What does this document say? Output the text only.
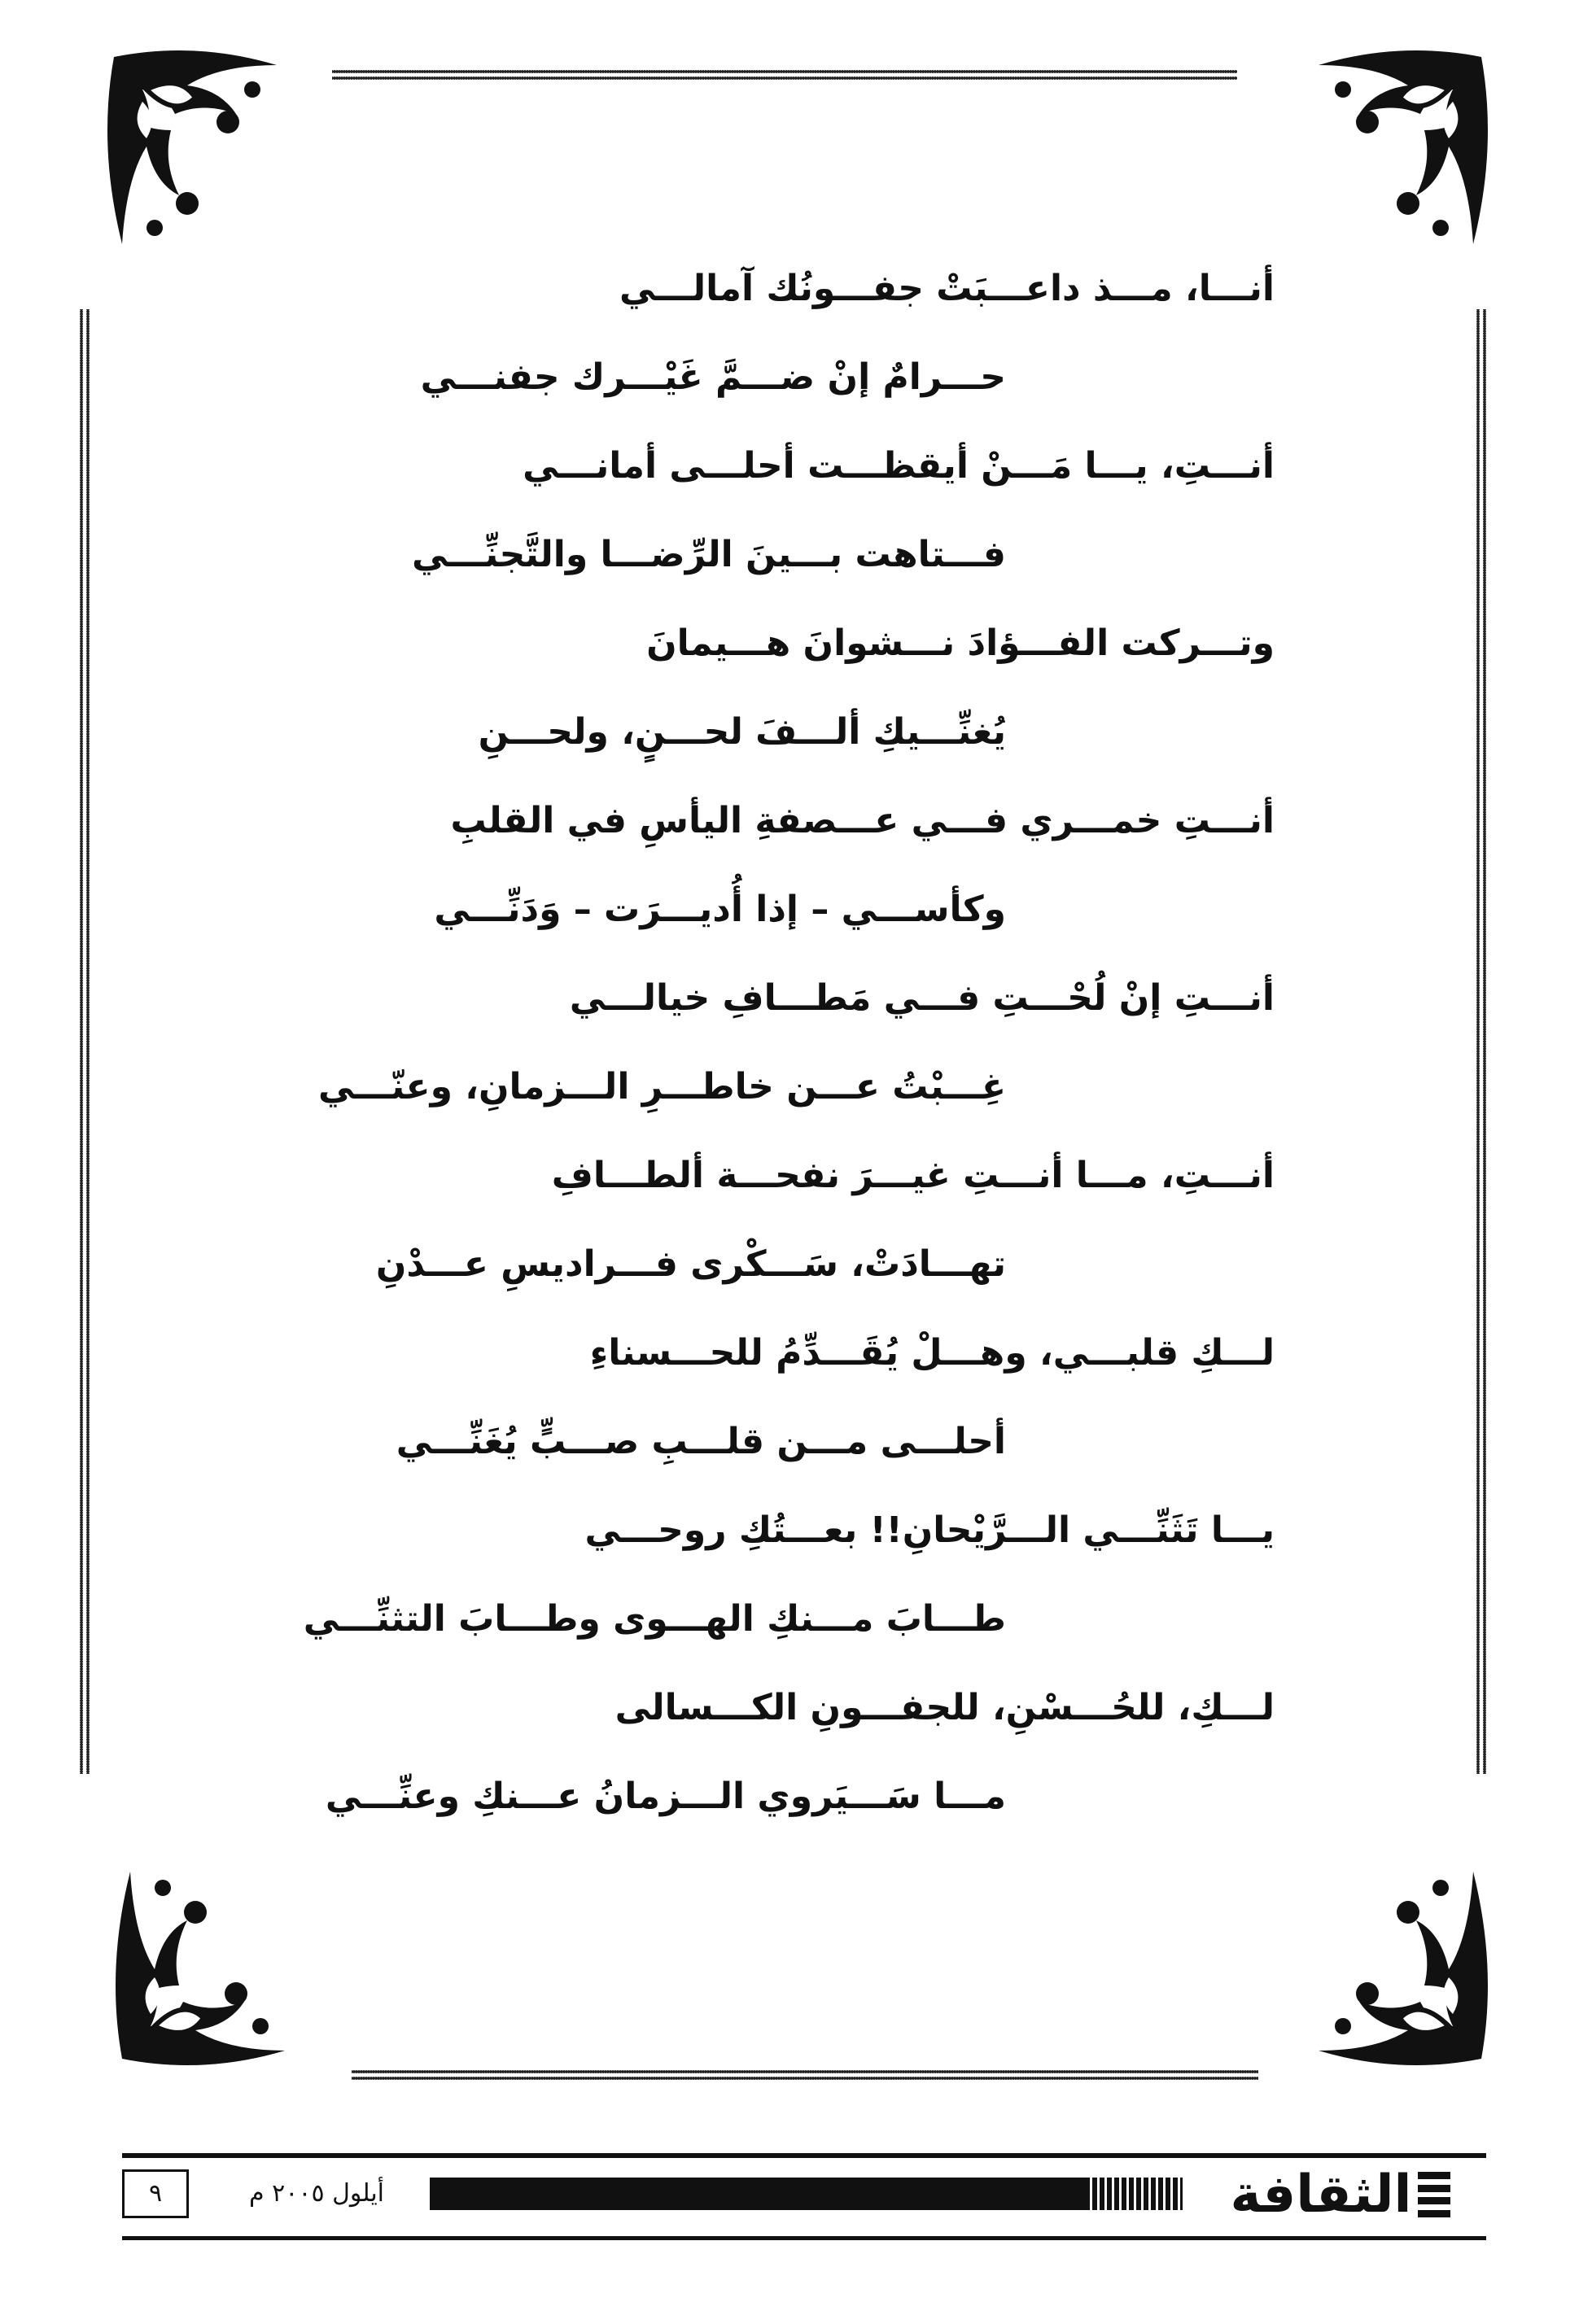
أنـــا، مـــذ داعـــبَتْ جفـــونُك آمالـــي
حـــرامٌ إنْ ضـــمَّ غَيْـــرك جفنـــي
أنـــتِ، يـــا مَـــنْ أيقظـــت أحلـــى أمانـــي
فـــتاهت بـــينَ الرِّضـــا والتَّجنِّـــي
وتـــركت الفـــؤادَ نـــشوانَ هـــيمانَ
يُغنِّـــيكِ ألـــفَ لحـــنٍ، ولحـــنِ
أنـــتِ خمـــري فـــي عـــصفةِ اليأسِ في القلبِ
وكأســـي – إذا أُديـــرَت – وَدَنِّـــي
أنـــتِ إنْ لُحْـــتِ فـــي مَطـــافِ خيالـــي
غِـــبْتُ عـــن خاطـــرِ الـــزمانِ، وعنّـــي
أنـــتِ، مـــا أنـــتِ غيـــرَ نفحـــة ألطـــافِ
تهـــادَتْ، سَـــكْرى فـــراديسِ عـــدْنِ
لـــكِ قلبـــي، وهـــلْ يُقَـــدِّمُ للحـــسناءِ
أحلـــى مـــن قلـــبِ صـــبٍّ يُغَنِّـــي
يـــا تَثَنِّـــي الـــرَّيْحانِ!! بعـــتُكِ روحـــي
طـــابَ مـــنكِ الهـــوى وطـــابَ التثنِّـــي
لـــكِ، للحُـــسْنِ، للجفـــونِ الكـــسالى
مـــا سَـــيَروي الـــزمانُ عـــنكِ وعنِّـــي
٩	أيلول ٢٠٠٥ م	الثقافة
